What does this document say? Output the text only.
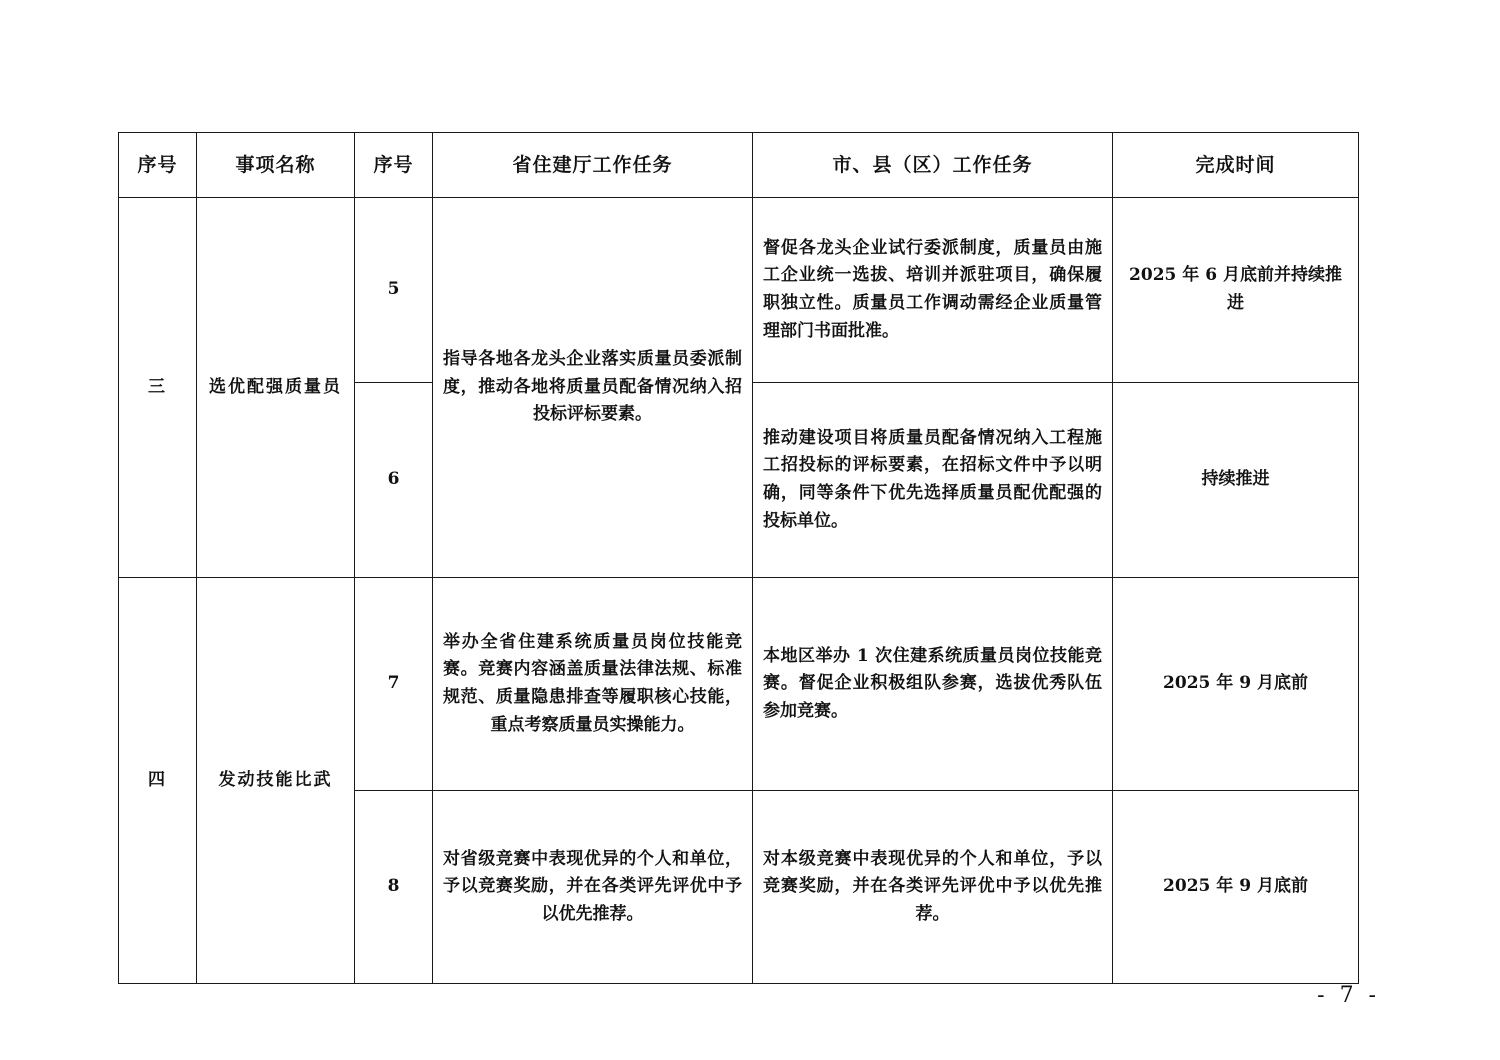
序号	事项名称	序号	省住建厅工作任务	市、县（区）工作任务	完成时间
三	选优配强质量员	5	指导各地各龙头企业落实质量员委派制度，推动各地将质量员配备情况纳入招投标评标要素。	督促各龙头企业试行委派制度，质量员由施工企业统一选拔、培训并派驻项目，确保履职独立性。质量员工作调动需经企业质量管理部门书面批准。	2025 年 6 月底前并持续推进
		6		推动建设项目将质量员配备情况纳入工程施工招投标的评标要素，在招标文件中予以明确，同等条件下优先选择质量员配优配强的投标单位。	持续推进
四	发动技能比武	7	举办全省住建系统质量员岗位技能竞赛。竞赛内容涵盖质量法律法规、标准规范、质量隐患排查等履职核心技能，重点考察质量员实操能力。	本地区举办 1 次住建系统质量员岗位技能竞赛。督促企业积极组队参赛，选拔优秀队伍参加竞赛。	2025 年 9 月底前
		8	对省级竞赛中表现优异的个人和单位，予以竞赛奖励，并在各类评先评优中予以优先推荐。	对本级竞赛中表现优异的个人和单位，予以竞赛奖励，并在各类评先评优中予以优先推荐。	2025 年 9 月底前
- 7 -
